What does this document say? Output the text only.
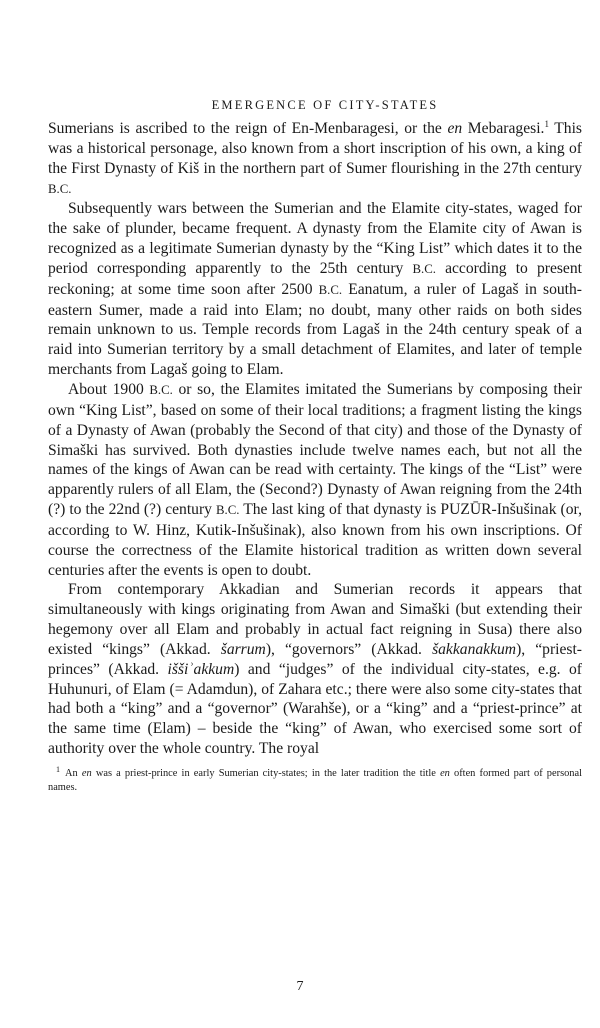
EMERGENCE OF CITY-STATES

Sumerians is ascribed to the reign of En-Menbaragesi, or the en Mebaragesi.$^1$ This was a historical personage, also known from a short inscription of his own, a king of the First Dynasty of Kiš in the northern part of Sumer flourishing in the 27th century B.C.

Subsequently wars between the Sumerian and the Elamite city-states, waged for the sake of plunder, became frequent. A dynasty from the Elamite city of Awan is recognized as a legitimate Sumerian dynasty by the “King List” which dates it to the period corresponding apparently to the 25th century B.C. according to present reckoning; at some time soon after 2500 B.C. Eanatum, a ruler of Lagaš in south-eastern Sumer, made a raid into Elam; no doubt, many other raids on both sides remain unknown to us. Temple records from Lagaš in the 24th century speak of a raid into Sumerian territory by a small detachment of Elamites, and later of temple merchants from Lagaš going to Elam.

About 1900 B.C. or so, the Elamites imitated the Sumerians by composing their own “King List”, based on some of their local traditions; a fragment listing the kings of a Dynasty of Awan (probably the Second of that city) and those of the Dynasty of Simaški has survived. Both dynasties include twelve names each, but not all the names of the kings of Awan can be read with certainty. The kings of the “List” were apparently rulers of all Elam, the (Second?) Dynasty of Awan reigning from the 24th (?) to the 22nd (?) century B.C. The last king of that dynasty is PUZŪR-Inšušinak (or, according to W. Hinz, Kutik-Inšušinak), also known from his own inscriptions. Of course the correctness of the Elamite historical tradition as written down several centuries after the events is open to doubt.

From contemporary Akkadian and Sumerian records it appears that simultaneously with kings originating from Awan and Simaški (but extending their hegemony over all Elam and probably in actual fact reigning in Susa) there also existed “kings” (Akkad. šarrum), “governors” (Akkad. šakkanakkum), “priest-princes” (Akkad. iššiʾakkum) and “judges” of the individual city-states, e.g. of Huhunuri, of Elam (= Adamdun), of Zahara etc.; there were also some city-states that had both a “king” and a “governor” (Warahše), or a “king” and a “priest-prince” at the same time (Elam) – beside the “king” of Awan, who exercised some sort of authority over the whole country. The royal

$^1$ An en was a priest-prince in early Sumerian city-states; in the later tradition the title en often formed part of personal names.
7
